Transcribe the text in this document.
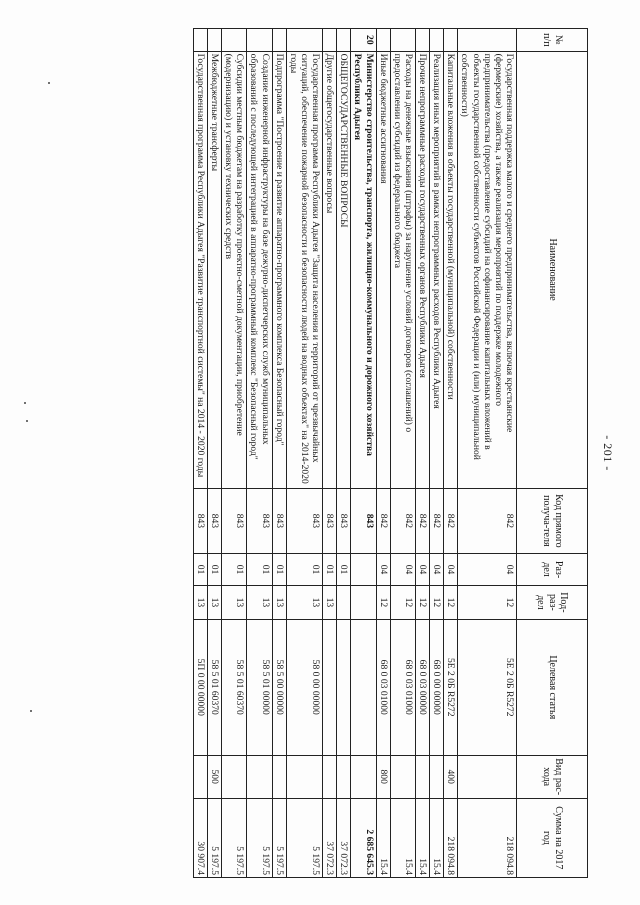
- 201 -
№ п/п	Наименование	Код прямого получа-теля	Раз-дел	Под-раз-дел	Целевая статья	Вид рас-хода	Сумма на 2017 год
	Государственная поддержка малого и среднего предпринимательства, включая крестьянские (фермерские) хозяйства, а также реализация мероприятий по поддержке молодежного предпринимательства (предоставление субсидий на софинансирование капитальных вложений в объекты государственной собственности субъектов Российской Федерации и (или) муниципальной собственности)	842	04	12	5Е 2 0Б R5272		218 094.8
	Капитальные вложения в объекты государственной (муниципальной) собственности	842	04	12	5Е 2 0Б R5272	400	218 094.8
	Реализация иных мероприятий в рамках непрограммных расходов Республики Адыгея	842	04	12	68 0 00 00000		15.4
	Прочие непрограммные расходы государственных органов Республики Адыгея	842	04	12	68 0 03 00000		15.4
	Расходы на денежные взыскания (штрафы) за нарушение условий договоров (соглашений) о предоставлении субсидий из федерального бюджета	842	04	12	68 0 03 01000		15.4
	Иные бюджетные ассигнования	842	04	12	68 0 03 01000	800	15.4
20	Министерство строительства, транспорта, жилищно-коммунального и дорожного хозяйства Республики Адыгея	843					2 685 645.3
	ОБЩЕГОСУДАРСТВЕННЫЕ ВОПРОСЫ	843	01				37 072.3
	Другие общегосударственные вопросы	843	01	13			37 072.3
	Государственная программа Республики Адыгея "Защита населения и территорий от чрезвычайных ситуаций, обеспечение пожарной безопасности и безопасности людей на водных объектах" на 2014-2020 годы	843	01	13	58 0 00 00000		5 197.5
	Подпрограмма "Построение и развитие аппаратно-программного комплекса Безопасный город"	843	01	13	58 5 00 00000		5 197.5
	Создание инженерной инфраструктуры на базе дежурно-диспетчерских служб муниципальных образований с последующей интеграцией в аппаратно-программный комплекс "Безопасный город"	843	01	13	58 5 01 00000		5 197.5
	Субсидии местным бюджетам на разработку проектно-сметной документации, приобретение (модернизацию) и установку технических средств	843	01	13	58 5 01 60370		5 197.5
	Межбюджетные трансферты	843	01	13	58 5 01 60370	500	5 197.5
	Государственная программа Республики Адыгея "Развитие транспортной системы" на 2014 - 2020 годы	843	01	13	5П 0 00 00000		30 907.4
